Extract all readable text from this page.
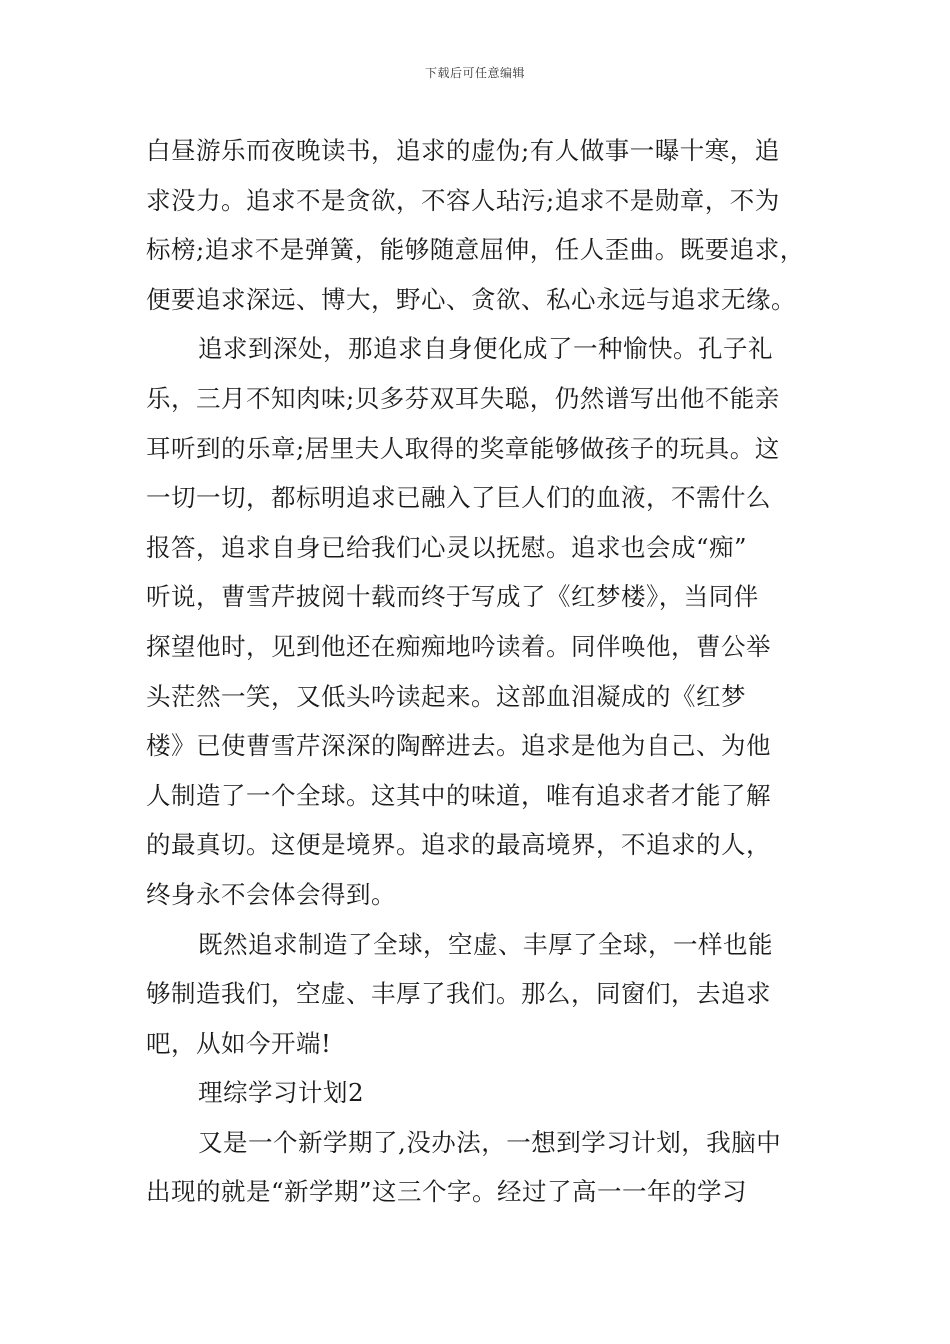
下载后可任意编辑
白昼游乐而夜晚读书，追求的虚伪;有人做事一曝十寒，追
求没力。追求不是贪欲，不容人玷污;追求不是勋章，不为
标榜;追求不是弹簧，能够随意屈伸，任人歪曲。既要追求，
便要追求深远、博大，野心、贪欲、私心永远与追求无缘。
追求到深处，那追求自身便化成了一种愉快。孔子礼
乐，三月不知肉味;贝多芬双耳失聪，仍然谱写出他不能亲
耳听到的乐章;居里夫人取得的奖章能够做孩子的玩具。这
一切一切，都标明追求已融入了巨人们的血液，不需什么
报答，追求自身已给我们心灵以抚慰。追求也会成“痴”
听说，曹雪芹披阅十载而终于写成了《红梦楼》，当同伴
探望他时，见到他还在痴痴地吟读着。同伴唤他，曹公举
头茫然一笑，又低头吟读起来。这部血泪凝成的《红梦
楼》已使曹雪芹深深的陶醉进去。追求是他为自己、为他
人制造了一个全球。这其中的味道，唯有追求者才能了解
的最真切。这便是境界。追求的最高境界，不追求的人，
终身永不会体会得到。
既然追求制造了全球，空虚、丰厚了全球，一样也能
够制造我们，空虚、丰厚了我们。那么，同窗们，去追求
吧，从如今开端!
理综学习计划2
又是一个新学期了,没办法，一想到学习计划，我脑中
出现的就是“新学期”这三个字。经过了高一一年的学习
